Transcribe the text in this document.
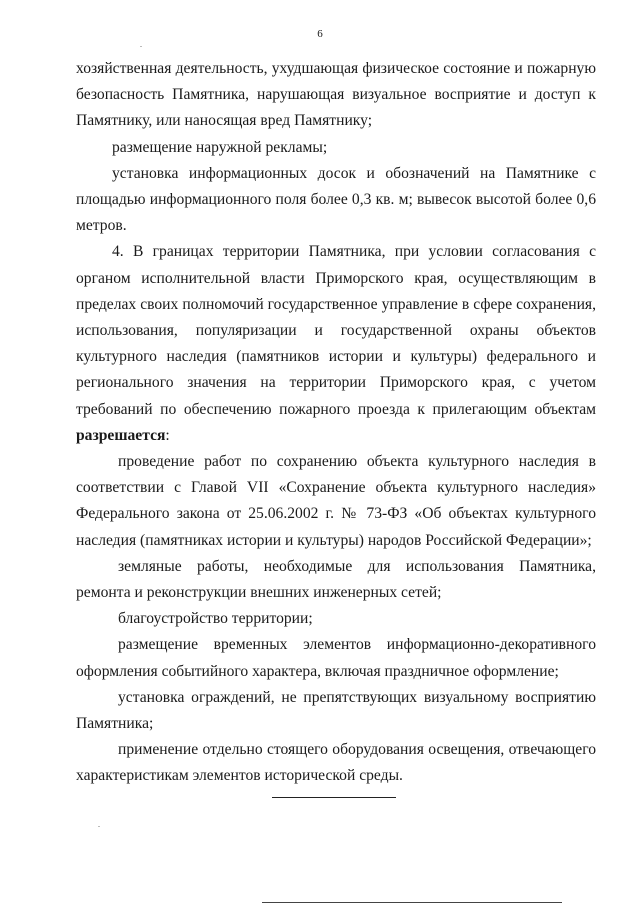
6

хозяйственная деятельность, ухудшающая физическое состояние и пожарную безопасность Памятника, нарушающая визуальное восприятие и доступ к Памятнику, или наносящая вред Памятнику;

размещение наружной рекламы;

установка информационных досок и обозначений на Памятнике с площадью информационного поля более 0,3 кв. м; вывесок высотой более 0,6 метров.

4. В границах территории Памятника, при условии согласования с органом исполнительной власти Приморского края, осуществляющим в пределах своих полномочий государственное управление в сфере сохранения, использования, популяризации и государственной охраны объектов культурного наследия (памятников истории и культуры) федерального и регионального значения на территории Приморского края, с учетом требований по обеспечению пожарного проезда к прилегающим объектам разрешается:

проведение работ по сохранению объекта культурного наследия в соответствии с Главой VII «Сохранение объекта культурного наследия» Федерального закона от 25.06.2002 г. № 73-ФЗ «Об объектах культурного наследия (памятниках истории и культуры) народов Российской Федерации»;

земляные работы, необходимые для использования Памятника, ремонта и реконструкции внешних инженерных сетей;

благоустройство территории;

размещение временных элементов информационно-декоративного оформления событийного характера, включая праздничное оформление;

установка ограждений, не препятствующих визуальному восприятию Памятника;

применение отдельно стоящего оборудования освещения, отвечающего характеристикам элементов исторической среды.
